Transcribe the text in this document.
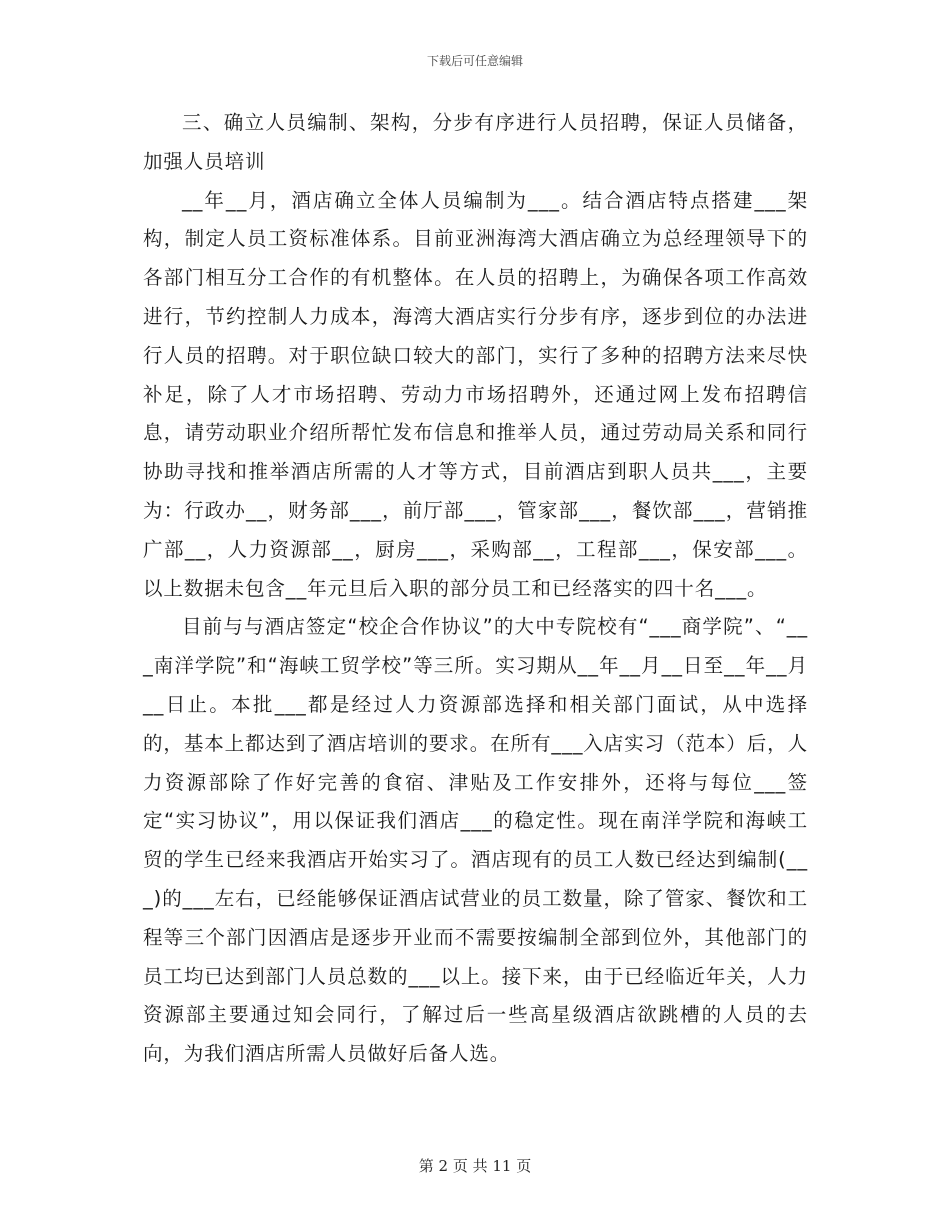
下载后可任意编辑

三、确立人员编制、架构，分步有序进行人员招聘，保证人员储备，加强人员培训

__年__月，酒店确立全体人员编制为___。结合酒店特点搭建___架构，制定人员工资标准体系。目前亚洲海湾大酒店确立为总经理领导下的各部门相互分工合作的有机整体。在人员的招聘上，为确保各项工作高效进行，节约控制人力成本，海湾大酒店实行分步有序，逐步到位的办法进行人员的招聘。对于职位缺口较大的部门，实行了多种的招聘方法来尽快补足，除了人才市场招聘、劳动力市场招聘外，还通过网上发布招聘信息，请劳动职业介绍所帮忙发布信息和推举人员，通过劳动局关系和同行协助寻找和推举酒店所需的人才等方式，目前酒店到职人员共___，主要为：行政办__，财务部___，前厅部___，管家部___，餐饮部___，营销推广部__，人力资源部__，厨房___，采购部__，工程部___，保安部___。以上数据未包含__年元旦后入职的部分员工和已经落实的四十名___。

目前与与酒店签定“校企合作协议”的大中专院校有“___商学院”、“___南洋学院”和“海峡工贸学校”等三所。实习期从__年__月__日至__年__月__日止。本批___都是经过人力资源部选择和相关部门面试，从中选择的，基本上都达到了酒店培训的要求。在所有___入店实习（范本）后，人力资源部除了作好完善的食宿、津贴及工作安排外，还将与每位___签定“实习协议”，用以保证我们酒店___的稳定性。现在南洋学院和海峡工贸的学生已经来我酒店开始实习了。酒店现有的员工人数已经达到编制(___)的___左右，已经能够保证酒店试营业的员工数量，除了管家、餐饮和工程等三个部门因酒店是逐步开业而不需要按编制全部到位外，其他部门的员工均已达到部门人员总数的___以上。接下来，由于已经临近年关，人力资源部主要通过知会同行，了解过后一些高星级酒店欲跳槽的人员的去向，为我们酒店所需人员做好后备人选。

第 2 页 共 11 页
